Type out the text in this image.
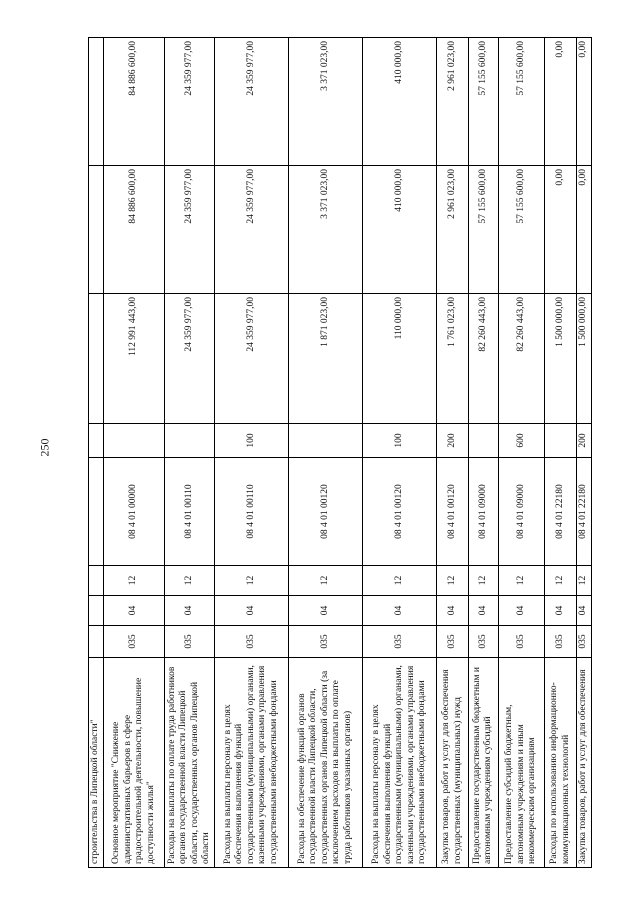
250
строительства в Липецкой области"								
Основное мероприятие "Снижение административных барьеров в сфере градостроительной деятельности, повышение доступности жилья"	035	04	12	08 4 01 00000		112 991 443,00	84 886 600,00	84 886 600,00
Расходы на выплаты по оплате труда работников органов государственной власти Липецкой области, государственных органов Липецкой области	035	04	12	08 4 01 00110		24 359 977,00	24 359 977,00	24 359 977,00
Расходы на выплаты персоналу в целях обеспечения выполнения функций государственными (муниципальными) органами, казенными учреждениями, органами управления государственными внебюджетными фондами	035	04	12	08 4 01 00110	100	24 359 977,00	24 359 977,00	24 359 977,00
Расходы на обеспечение функций органов государственной власти Липецкой области, государственных органов Липецкой области (за исключением расходов на выплаты по оплате труда работников указанных органов)	035	04	12	08 4 01 00120		1 871 023,00	3 371 023,00	3 371 023,00
Расходы на выплаты персоналу в целях обеспечения выполнения функций государственными (муниципальными) органами, казенными учреждениями, органами управления государственными внебюджетными фондами	035	04	12	08 4 01 00120	100	110 000,00	410 000,00	410 000,00
Закупка товаров, работ и услуг для обеспечения государственных (муниципальных) нужд	035	04	12	08 4 01 00120	200	1 761 023,00	2 961 023,00	2 961 023,00
Предоставление государственным бюджетным и автономным учреждениям субсидий	035	04	12	08 4 01 09000		82 260 443,00	57 155 600,00	57 155 600,00
Предоставление субсидий бюджетным, автономным учреждениям и иным некоммерческим организациям	035	04	12	08 4 01 09000	600	82 260 443,00	57 155 600,00	57 155 600,00
Расходы по использованию информационно-коммуникационных технологий	035	04	12	08 4 01 22180		1 500 000,00	0,00	0,00
Закупка товаров, работ и услуг для обеспечения	035	04	12	08 4 01 22180	200	1 500 000,00	0,00	0,00
